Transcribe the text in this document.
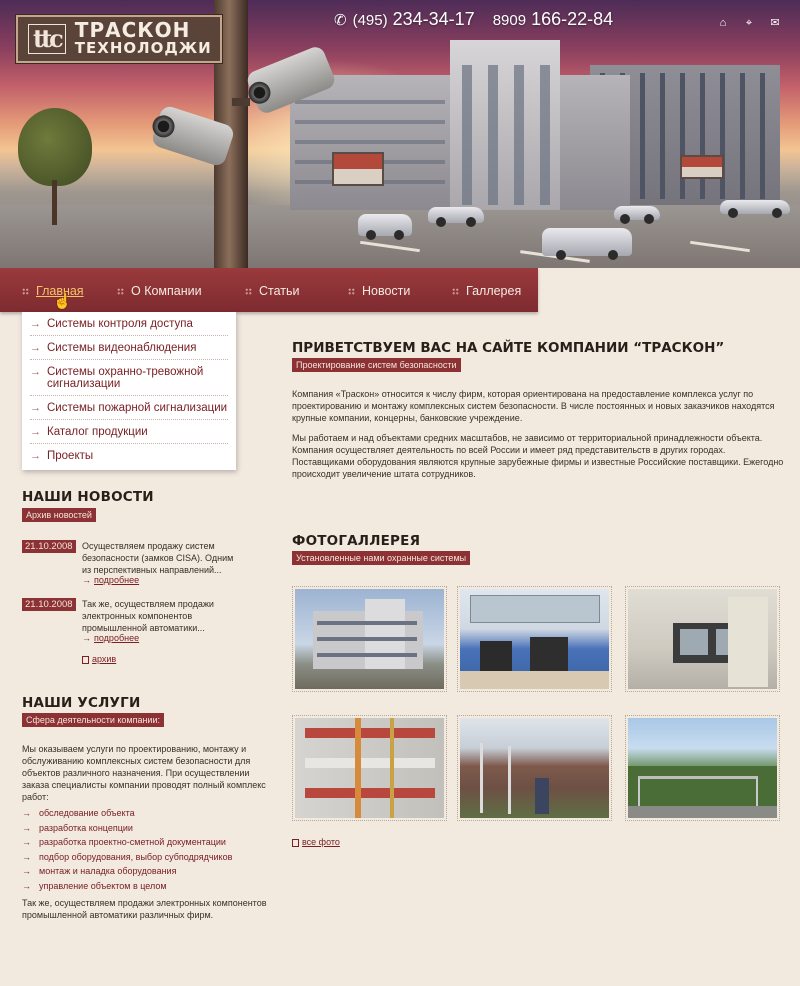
ttc ТРАСКОН
ТЕХНОЛОДЖИ
✆ (495) 234-34-17 8909 166-22-84	⌂	⌖	✉
Главная	О Компании	Статьи	Новости	Галлерея
☝
→ Системы контроля доступа
→ Системы видеонаблюдения
→ Системы охранно-тревожной сигнализации
→ Системы пожарной сигнализации
→ Каталог продукции
→ Проекты
НАШИ НОВОСТИ
Архив новостей
21.10.2008	Осуществляем продажу систем безопасности (замков CISA). Одним из перспективных направлений...
→ подробнее
21.10.2008	Так же, осуществляем продажи электронных компонентов промышленной автоматики...
→ подробнее
архив
НАШИ УСЛУГИ
Сфера деятельности компании:
Мы оказываем услуги по проектированию, монтажу и обслуживанию комплексных систем безопасности для объектов различного назначения. При осуществлении заказа специалисты компании проводят полный комплекс работ:
→ обследование объекта
→ разработка концепции
→ разработка проектно-сметной документации
→ подбор оборудования, выбор субподрядчиков
→ монтаж и наладка оборудования
→ управление объектом в целом
Так же, осуществляем продажи электронных компонентов промышленной автоматики различных фирм.
ПРИВЕТСТВУЕМ ВАС НА САЙТЕ КОМПАНИИ “ТРАСКОН”
Проектирование систем безопасности
Компания «Траскон» относится к числу фирм, которая ориентирована на предоставление комплекса услуг по проектированию и монтажу комплексных систем безопасности. В числе постоянных и новых заказчиков находятся крупные компании, концерны, банковские учреждение.
Мы работаем и над объектами средних масштабов, не зависимо от территориальной принадлежности объекта. Компания осуществляет деятельность по всей России и имеет ряд представительств в других городах. Поставщиками оборудования являются крупные зарубежные фирмы и известные Российские поставщики. Ежегодно происходит увеличение штата сотрудников.
ФОТОГАЛЛЕРЕЯ
Установленные нами охранные системы
все фото
